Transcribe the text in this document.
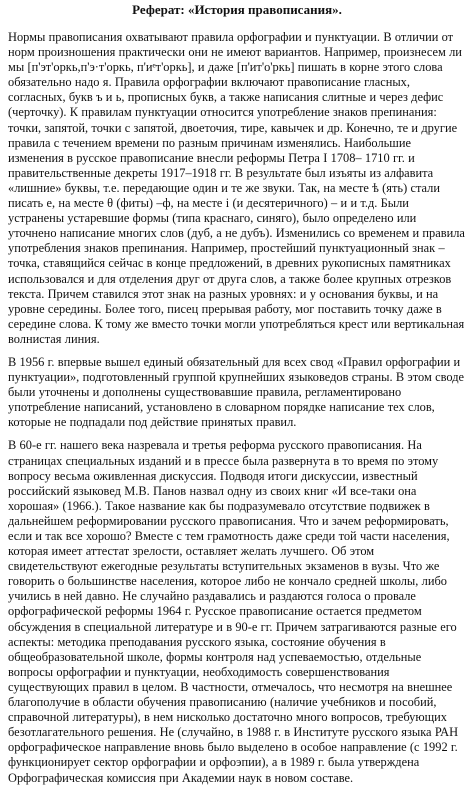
Реферат: «История правописания».

Нормы правописания охватывают правила орфографии и пунктуации. В отличии от норм произношения практически они не имеют вариантов. Например, произнесем ли мы [п'эт'оркь,п'э·т'оркь, п'иᵉт'оркь], и даже [п'ит'о'ркь] пишать в корне этого слова обязательно надо я. Правила орфографии включают правописание гласных, согласных, букв ъ и ь, прописных букв, а также написания слитные и через дефис (черточку). К правилам пунктуации относится употребление знаков препинания: точки, запятой, точки с запятой, двоеточия, тире, кавычек и др. Конечно, те и другие правила с течением времени по разным причинам изменялись. Наибольшие изменения в русское правописание внесли реформы Петра I 1708– 1710 гг. и правительственные декреты 1917–1918 гг. В результате был изъяты из алфавита «лишние» буквы, т.е. передающие один и те же звуки. Так, на месте ѣ (ять) стали писать е, на месте θ (фиты) –ф, на месте і (и десятеричного) – и и т.д. Были устранены устаревшие формы (типа краснаго, синяго), было определено или уточнено написание многих слов (дуб, а не дубъ). Изменились со временем и правила употребления знаков препинания. Например, простейший пунктуационный знак – точка, ставящийся сейчас в конце предложений, в древних рукописных памятниках использовался и для отделения друг от друга слов, а также более крупных отрезков текста. Причем ставился этот знак на разных уровнях: и у основания буквы, и на уровне середины. Более того, писец прерывая работу, мог поставить точку даже в середине слова. К тому же вместо точки могли употребляться крест или вертикальная волнистая линия.

В 1956 г. впервые вышел единый обязательный для всех свод «Правил орфографии и пунктуации», подготовленный группой крупнейших языковедов страны. В этом своде были уточнены и дополнены существовавшие правила, регламентировано употребление написаний, установлено в словарном порядке написание тех слов, которые не подпадали под действие принятых правил.

В 60-е гг. нашего века назревала и третья реформа русского правописания. На страницах специальных изданий и в прессе была развернута в то время по этому вопросу весьма оживленная дискуссия. Подводя итоги дискуссии, известный российский языковед М.В. Панов назвал одну из своих книг «И все-таки она хорошая» (1966.). Такое название как бы подразумевало отсутствие подвижек в дальнейшем реформировании русского правописания. Что и зачем реформировать, если и так все хорошо? Вместе с тем грамотность даже среди той части населения, которая имеет аттестат зрелости, оставляет желать лучшего. Об этом свидетельствуют ежегодные результаты вступительных экзаменов в вузы. Что же говорить о большинстве населения, которое либо не кончало средней школы, либо учились в ней давно. Не случайно раздавались и раздаются голоса о провале орфографической реформы 1964 г. Русское правописание остается предметом обсуждения в специальной литературе и в 90-е гг. Причем затрагиваются разные его аспекты: методика преподавания русского языка, состояние обучения в общеобразовательной школе, формы контроля над успеваемостью, отдельные вопросы орфографии и пунктуации, необходимость совершенствования существующих правил в целом. В частности, отмечалось, что несмотря на внешнее благополучие в области обучения правописанию (наличие учебников и пособий, справочной литературы), в нем нисколько достаточно много вопросов, требующих безотлагательного решения. Не (случайно, в 1988 г. в Институте русского языка РАН орфографическое направление вновь было выделено в особое направление (с 1992 г. функционирует сектор орфографии и орфоэпии), а в 1989 г. была утверждена Орфографическая комиссия при Академии наук в новом составе.
